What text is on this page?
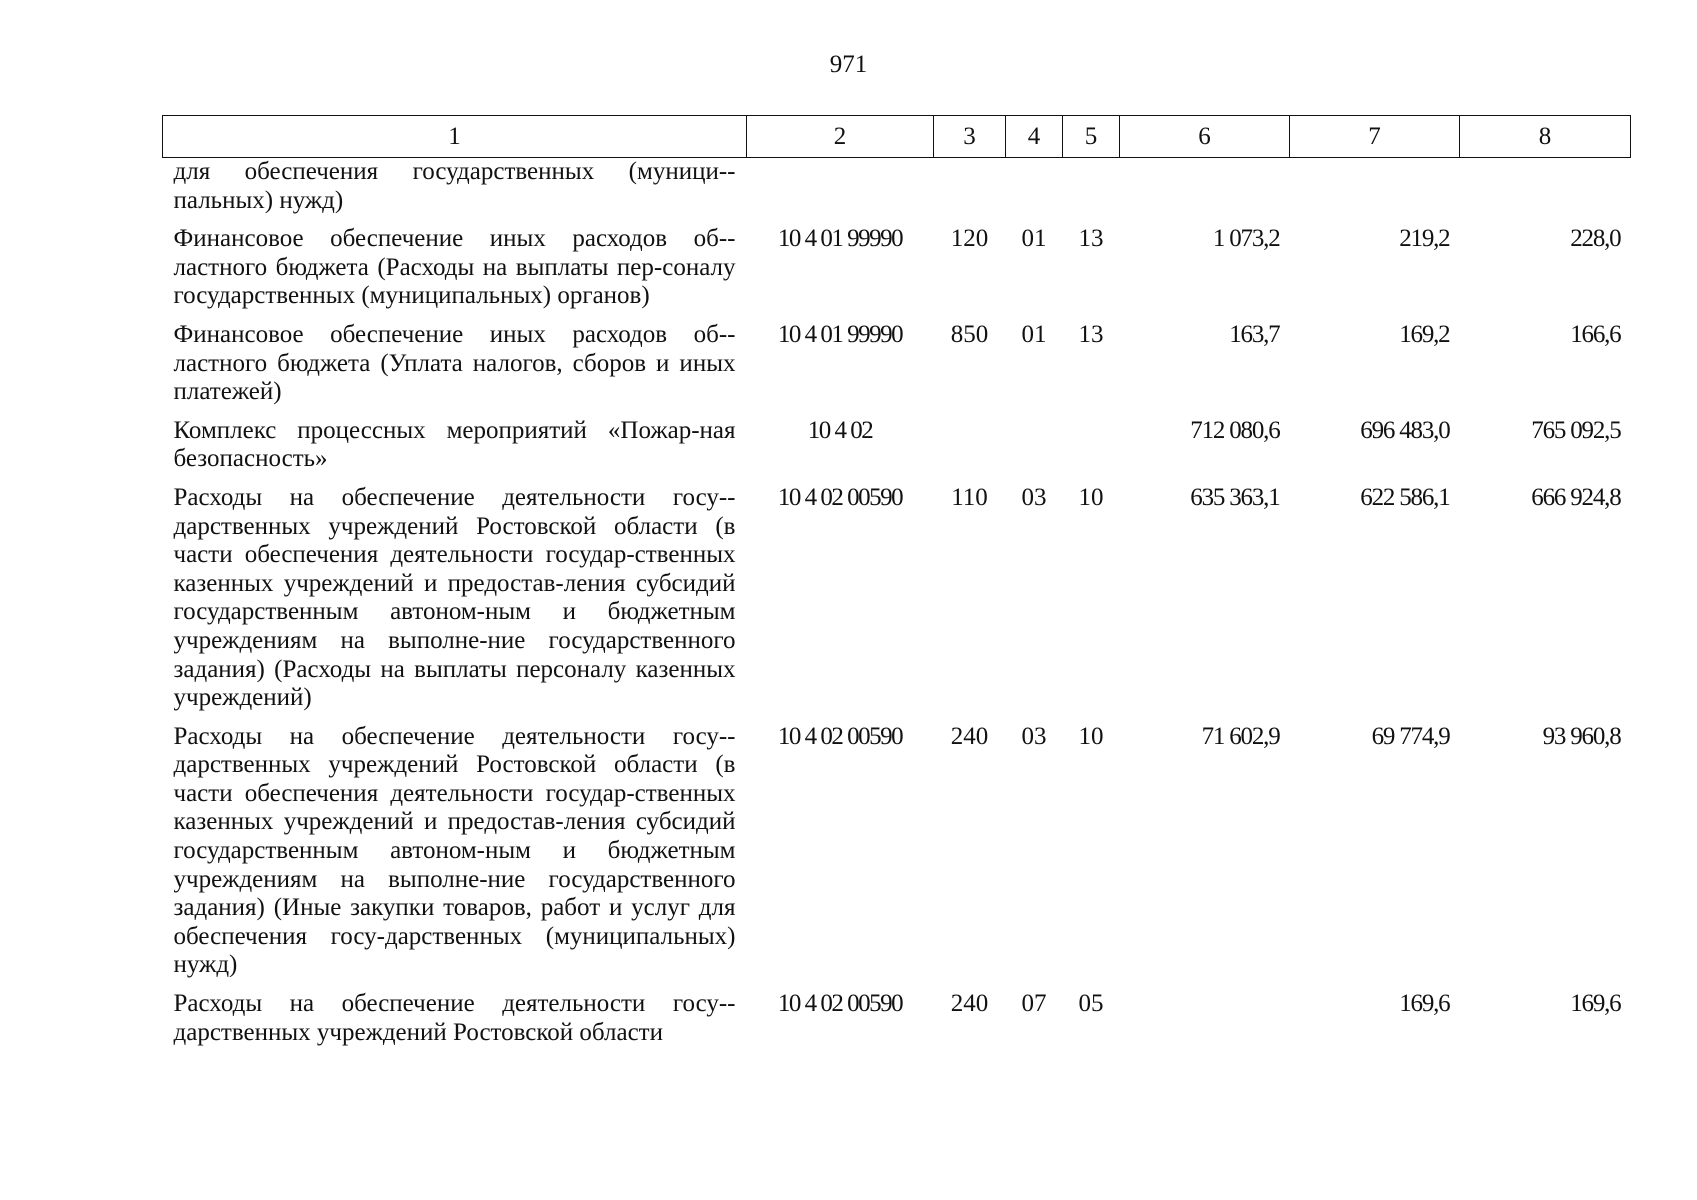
971
1	2	3	4	5	6	7	8
для обеспечения государственных (муници-пальных) нужд)							

Финансовое обеспечение иных расходов об-ластного бюджета (Расходы на выплаты пер-соналу государственных (муниципальных) органов)	10 4 01 99990	120	01	13	1 073,2	219,2	228,0

Финансовое обеспечение иных расходов об-ластного бюджета (Уплата налогов, сборов и иных платежей)	10 4 01 99990	850	01	13	163,7	169,2	166,6

Комплекс процессных мероприятий «Пожар-ная безопасность»	10 4 02				712 080,6	696 483,0	765 092,5

Расходы на обеспечение деятельности госу-дарственных учреждений Ростовской области (в части обеспечения деятельности государ-ственных казенных учреждений и предостав-ления субсидий государственным автоном-ным и бюджетным учреждениям на выполне-ние государственного задания) (Расходы на выплаты персоналу казенных учреждений)	10 4 02 00590	110	03	10	635 363,1	622 586,1	666 924,8

Расходы на обеспечение деятельности госу-дарственных учреждений Ростовской области (в части обеспечения деятельности государ-ственных казенных учреждений и предостав-ления субсидий государственным автоном-ным и бюджетным учреждениям на выполне-ние государственного задания) (Иные закупки товаров, работ и услуг для обеспечения госу-дарственных (муниципальных) нужд)	10 4 02 00590	240	03	10	71 602,9	69 774,9	93 960,8

Расходы на обеспечение деятельности госу-дарственных учреждений Ростовской области	10 4 02 00590	240	07	05		169,6	169,6
